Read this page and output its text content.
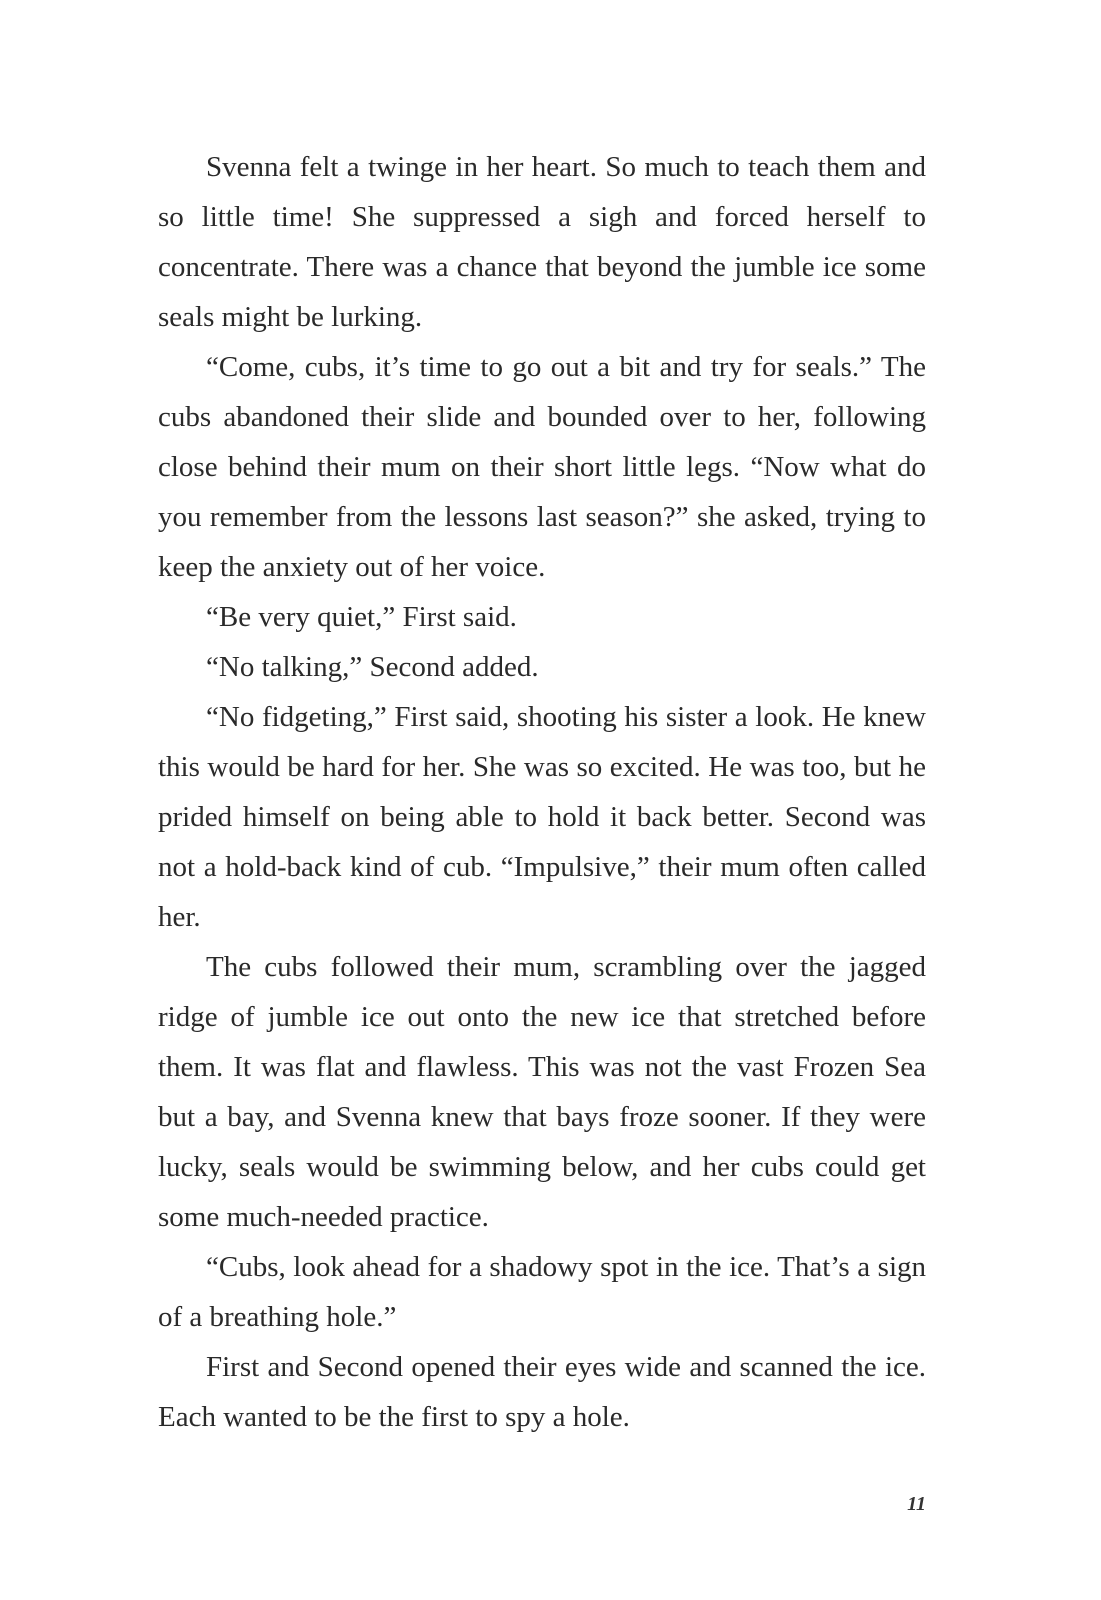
Svenna felt a twinge in her heart. So much to teach them and so little time! She suppressed a sigh and forced herself to concentrate. There was a chance that beyond the jumble ice some seals might be lurking.

“Come, cubs, it’s time to go out a bit and try for seals.” The cubs abandoned their slide and bounded over to her, following close behind their mum on their short little legs. “Now what do you remember from the lessons last season?” she asked, trying to keep the anxiety out of her voice.

“Be very quiet,” First said.

“No talking,” Second added.

“No fidgeting,” First said, shooting his sister a look. He knew this would be hard for her. She was so excited. He was too, but he prided himself on being able to hold it back better. Second was not a hold-back kind of cub. “Impulsive,” their mum often called her.

The cubs followed their mum, scrambling over the jagged ridge of jumble ice out onto the new ice that stretched before them. It was flat and flawless. This was not the vast Frozen Sea but a bay, and Svenna knew that bays froze sooner. If they were lucky, seals would be swimming below, and her cubs could get some much-needed practice.

“Cubs, look ahead for a shadowy spot in the ice. That’s a sign of a breathing hole.”

First and Second opened their eyes wide and scanned the ice. Each wanted to be the first to spy a hole.

11
